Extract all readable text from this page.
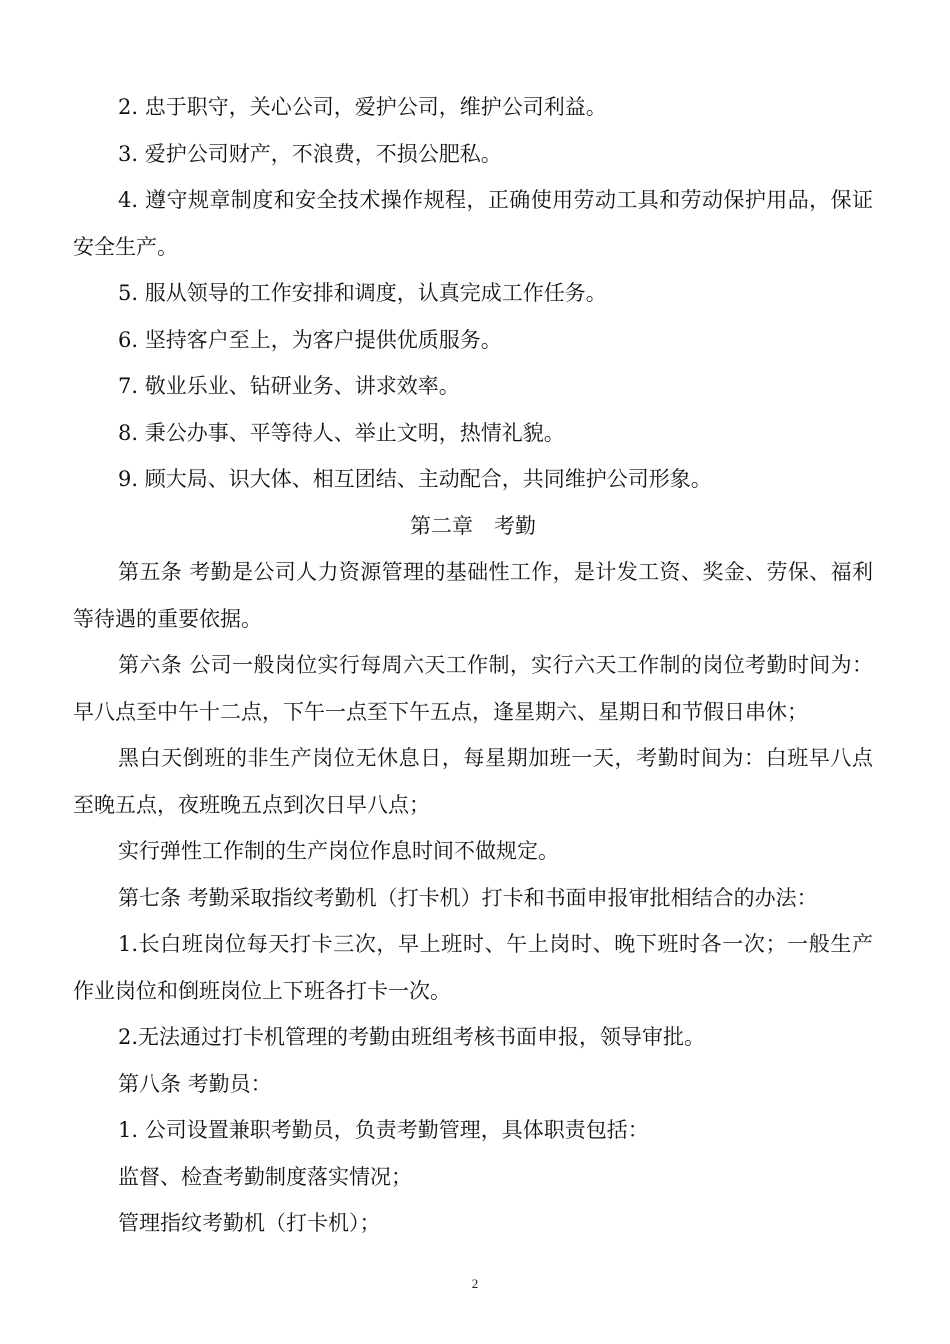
2. 忠于职守，关心公司，爱护公司，维护公司利益。

3. 爱护公司财产，不浪费，不损公肥私。

4. 遵守规章制度和安全技术操作规程，正确使用劳动工具和劳动保护用品，保证安全生产。

5. 服从领导的工作安排和调度，认真完成工作任务。

6. 坚持客户至上，为客户提供优质服务。

7. 敬业乐业、钻研业务、讲求效率。

8. 秉公办事、平等待人、举止文明，热情礼貌。

9. 顾大局、识大体、相互团结、主动配合，共同维护公司形象。

第二章　考勤

第五条 考勤是公司人力资源管理的基础性工作，是计发工资、奖金、劳保、福利等待遇的重要依据。

第六条 公司一般岗位实行每周六天工作制，实行六天工作制的岗位考勤时间为：早八点至中午十二点，下午一点至下午五点，逢星期六、星期日和节假日串休；

黑白天倒班的非生产岗位无休息日，每星期加班一天，考勤时间为：白班早八点至晚五点，夜班晚五点到次日早八点；

实行弹性工作制的生产岗位作息时间不做规定。

第七条 考勤采取指纹考勤机（打卡机）打卡和书面申报审批相结合的办法：

1.长白班岗位每天打卡三次，早上班时、午上岗时、晚下班时各一次；一般生产作业岗位和倒班岗位上下班各打卡一次。

2.无法通过打卡机管理的考勤由班组考核书面申报，领导审批。

第八条 考勤员：

1. 公司设置兼职考勤员，负责考勤管理，具体职责包括：

监督、检查考勤制度落实情况；

管理指纹考勤机（打卡机）；

2
